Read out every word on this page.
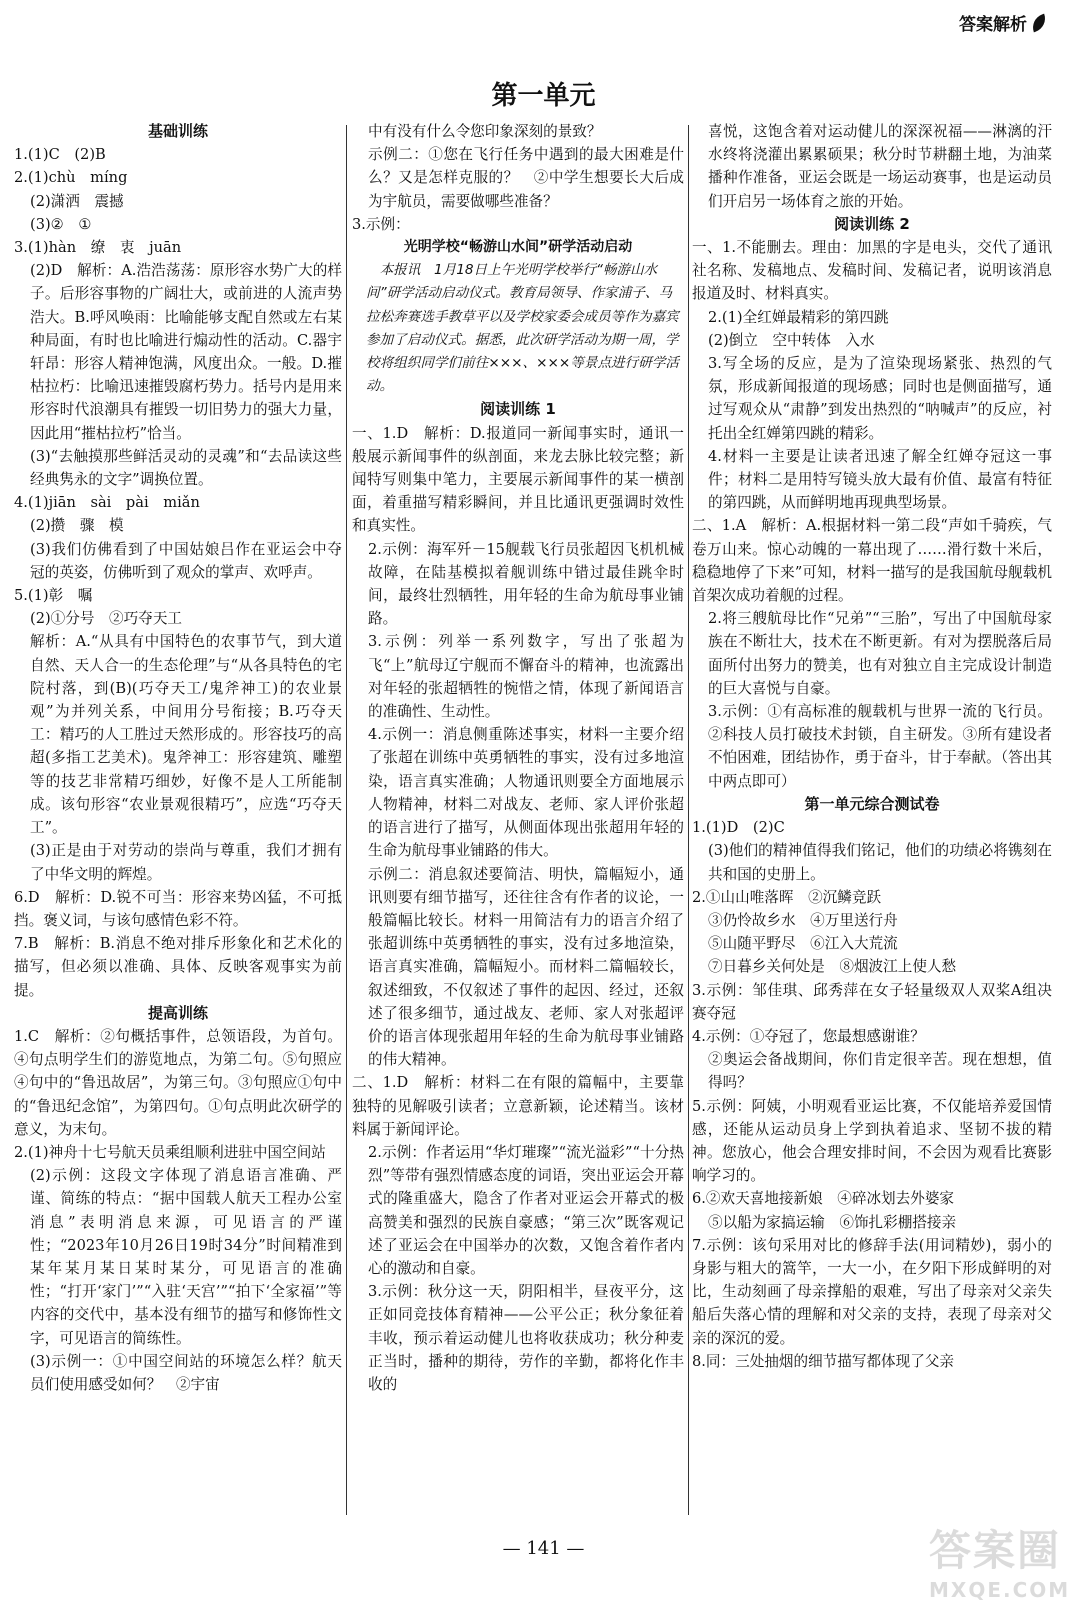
答案解析
第一单元
基础训练
1.(1)C　(2)B
2.(1)chù　míng
(2)潇洒　震撼
(3)②　①
3.(1)hàn　缭　衷　juān
(2)D　解析：A.浩浩荡荡：原形容水势广大的样子。后形容事物的广阔壮大，或前进的人流声势浩大。B.呼风唤雨：比喻能够支配自然或左右某种局面，有时也比喻进行煽动性的活动。C.器宇轩昂：形容人精神饱满，风度出众。一般。D.摧枯拉朽：比喻迅速摧毁腐朽势力。括号内是用来形容时代浪潮具有摧毁一切旧势力的强大力量，因此用“摧枯拉朽”恰当。
(3)“去触摸那些鲜活灵动的灵魂”和“去品读这些经典隽永的文字”调换位置。
4.(1)jiān　sài　pài　miǎn
(2)攒　骤　模
(3)我们仿佛看到了中国姑娘吕作在亚运会中夺冠的英姿，仿佛听到了观众的掌声、欢呼声。
5.(1)彰　嘱
(2)①分号　②巧夺天工
解析：A.“从具有中国特色的农事节气，到大道自然、天人合一的生态伦理”与“从各具特色的宅院村落，到(B)(巧夺天工/鬼斧神工)的农业景观”为并列关系，中间用分号衔接；B.巧夺天工：精巧的人工胜过天然形成的。形容技巧的高超(多指工艺美术)。鬼斧神工：形容建筑、雕塑等的技艺非常精巧细妙，好像不是人工所能制成。该句形容“农业景观很精巧”，应选“巧夺天工”。
(3)正是由于对劳动的崇尚与尊重，我们才拥有了中华文明的辉煌。
6.D　解析：D.锐不可当：形容来势凶猛，不可抵挡。褒义词，与该句感情色彩不符。
7.B　解析：B.消息不绝对排斥形象化和艺术化的描写，但必须以准确、具体、反映客观事实为前提。
提高训练
1.C　解析：②句概括事件，总领语段，为首句。④句点明学生们的游览地点，为第二句。⑤句照应④句中的“鲁迅故居”，为第三句。③句照应①句中的“鲁迅纪念馆”，为第四句。①句点明此次研学的意义，为末句。
2.(1)神舟十七号航天员乘组顺利进驻中国空间站
(2)示例：这段文字体现了消息语言准确、严谨、简练的特点：“据中国载人航天工程办公室消息”表明消息来源，可见语言的严谨性；“2023年10月26日19时34分”时间精准到某年某月某日某时某分，可见语言的准确性；“打开‘家门’”“入驻‘天宫’”“拍下‘全家福’”等内容的交代中，基本没有细节的描写和修饰性文字，可见语言的简练性。
(3)示例一：①中国空间站的环境怎么样？航天员们使用感受如何？　②宇宙
中有没有什么令您印象深刻的景致？
示例二：①您在飞行任务中遇到的最大困难是什么？又是怎样克服的？　②中学生想要长大后成为宇航员，需要做哪些准备？
3.示例：
光明学校“畅游山水间”研学活动启动
本报讯　1月18日上午光明学校举行“畅游山水间”研学活动启动仪式。教育局领导、作家浦子、马拉松奔赛选手教草平以及学校家委会成员等作为嘉宾参加了启动仪式。据悉，此次研学活动为期一周，学校将组织同学们前往×××、×××等景点进行研学活动。
阅读训练 1
一、1.D　解析：D.报道同一新闻事实时，通讯一般展示新闻事件的纵剖面，来龙去脉比较完整；新闻特写则集中笔力，主要展示新闻事件的某一横剖面，着重描写精彩瞬间，并且比通讯更强调时效性和真实性。
2.示例：海军歼－15舰载飞行员张超因飞机机械故障，在陆基模拟着舰训练中错过最佳跳伞时间，最终壮烈牺牲，用年轻的生命为航母事业铺路。
3.示例：列举一系列数字，写出了张超为飞“上”航母辽宁舰而不懈奋斗的精神，也流露出对年轻的张超牺牲的惋惜之情，体现了新闻语言的准确性、生动性。
4.示例一：消息侧重陈述事实，材料一主要介绍了张超在训练中英勇牺牲的事实，没有过多地渲染，语言真实准确；人物通讯则要全方面地展示人物精神，材料二对战友、老师、家人评价张超的语言进行了描写，从侧面体现出张超用年轻的生命为航母事业铺路的伟大。
示例二：消息叙述要简洁、明快，篇幅短小，通讯则要有细节描写，还往往含有作者的议论，一般篇幅比较长。材料一用简洁有力的语言介绍了张超训练中英勇牺牲的事实，没有过多地渲染，语言真实准确，篇幅短小。而材料二篇幅较长，叙述细致，不仅叙述了事件的起因、经过，还叙述了很多细节，通过战友、老师、家人对张超评价的语言体现张超用年轻的生命为航母事业铺路的伟大精神。
二、1.D　解析：材料二在有限的篇幅中，主要靠独特的见解吸引读者；立意新颖，论述精当。该材料属于新闻评论。
2.示例：作者运用“华灯璀璨”“流光溢彩”“十分热烈”等带有强烈情感态度的词语，突出亚运会开幕式的隆重盛大，隐含了作者对亚运会开幕式的极高赞美和强烈的民族自豪感；“第三次”既客观记述了亚运会在中国举办的次数，又饱含着作者内心的激动和自豪。
3.示例：秋分这一天，阴阳相半，昼夜平分，这正如同竞技体育精神——公平公正；秋分象征着丰收，预示着运动健儿也将收获成功；秋分种麦正当时，播种的期待，劳作的辛勤，都将化作丰收的
喜悦，这饱含着对运动健儿的深深祝福——淋漓的汗水终将浇灌出累累硕果；秋分时节耕翻土地，为油菜播种作准备，亚运会既是一场运动赛事，也是运动员们开启另一场体育之旅的开始。
阅读训练 2
一、1.不能删去。理由：加黑的字是电头，交代了通讯社名称、发稿地点、发稿时间、发稿记者，说明该消息报道及时、材料真实。
2.(1)全红婵最精彩的第四跳
(2)倒立　空中转体　入水
3.写全场的反应，是为了渲染现场紧张、热烈的气氛，形成新闻报道的现场感；同时也是侧面描写，通过写观众从“肃静”到发出热烈的“呐喊声”的反应，衬托出全红婵第四跳的精彩。
4.材料一主要是让读者迅速了解全红婵夺冠这一事件；材料二是用特写镜头放大最有价值、最富有特征的第四跳，从而鲜明地再现典型场景。
二、1.A　解析：A.根据材料一第二段“声如千骑疾，气卷万山来。惊心动魄的一幕出现了……滑行数十米后，稳稳地停了下来”可知，材料一描写的是我国航母舰载机首架次成功着舰的过程。
2.将三艘航母比作“兄弟”“三胎”，写出了中国航母家族在不断壮大，技术在不断更新。有对为摆脱落后局面所付出努力的赞美，也有对独立自主完成设计制造的巨大喜悦与自豪。
3.示例：①有高标准的舰载机与世界一流的飞行员。②科技人员打破技术封锁，自主研发。③所有建设者不怕困难，团结协作，勇于奋斗，甘于奉献。（答出其中两点即可）
第一单元综合测试卷
1.(1)D　(2)C
(3)他们的精神值得我们铭记，他们的功绩必将镌刻在共和国的史册上。
2.①山山唯落晖　②沉鳞竞跃
③仍怜故乡水　④万里送行舟
⑤山随平野尽　⑥江入大荒流
⑦日暮乡关何处是　⑧烟波江上使人愁
3.示例：邹佳琪、邱秀萍在女子轻量级双人双桨A组决赛夺冠
4.示例：①夺冠了，您最想感谢谁？
②奥运会备战期间，你们肯定很辛苦。现在想想，值得吗？
5.示例：阿姨，小明观看亚运比赛，不仅能培养爱国情感，还能从运动员身上学到执着追求、坚韧不拔的精神。您放心，他会合理安排时间，不会因为观看比赛影响学习的。
6.②欢天喜地接新娘　④碎冰划去外婆家
⑤以船为家搞运输　⑥饰扎彩棚搭接亲
7.示例：该句采用对比的修辞手法(用词精妙)，弱小的身影与粗大的篙竿，一大一小，在夕阳下形成鲜明的对比，生动刻画了母亲撑船的艰难，写出了母亲对父亲失船后失落心情的理解和对父亲的支持，表现了母亲对父亲的深沉的爱。
8.同：三处抽烟的细节描写都体现了父亲
— 141 —	答案圈
MXQE.COM
